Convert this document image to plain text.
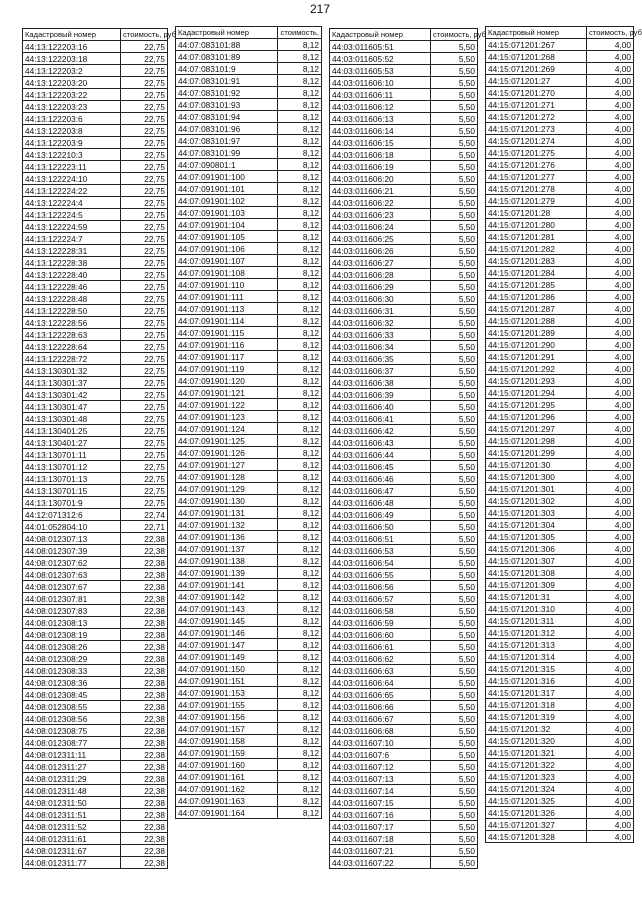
217
Кадастровый номер	стоимость, руб
44:13:122203:16	22,75
44:13:122203:18	22,75
44:13:122203:2	22,75
44:13:122203:20	22,75
44:13:122203:22	22,75
44:13:122203:23	22,75
44:13:122203:6	22,75
44:13:122203:8	22,75
44:13:122203:9	22,75
44:13:122210:3	22,75
44:13:122223:11	22,75
44:13:122224:10	22,75
44:13:122224:22	22,75
44:13:122224:4	22,75
44:13:122224:5	22,75
44:13:122224:59	22,75
44:13:122224:7	22,75
44:13:122228:31	22,75
44:13:122228:38	22,75
44:13:122228:40	22,75
44:13:122228:46	22,75
44:13:122228:48	22,75
44:13:122228:50	22,75
44:13:122228:56	22,75
44:13:122228:63	22,75
44:13:122228:64	22,75
44:13:122228:72	22,75
44:13:130301:32	22,75
44:13:130301:37	22,75
44:13:130301:42	22,75
44:13:130301:47	22,75
44:13:130301:48	22,75
44:13:130401:25	22,75
44:13:130401:27	22,75
44:13:130701:11	22,75
44:13:130701:12	22,75
44:13:130701:13	22,75
44:13:130701:15	22,75
44:13:130701:9	22,75
44:12:071312:6	22,74
44:01:052804:10	22,71
44:08:012307:13	22,38
44:08:012307:39	22,38
44:08:012307:62	22,38
44:08:012307:63	22,38
44:08:012307:67	22,38
44:08:012307:81	22,38
44:08:012307:83	22,38
44:08:012308:13	22,38
44:08:012308:19	22,38
44:08:012308:26	22,38
44:08:012308:29	22,38
44:08:012308:33	22,38
44:08:012308:36	22,38
44:08:012308:45	22,38
44:08:012308:55	22,38
44:08:012308:56	22,38
44:08:012308:75	22,38
44:08:012308:77	22,38
44:08:012311:11	22,38
44:08:012311:27	22,38
44:08:012311:29	22,38
44:08:012311:48	22,38
44:08:012311:50	22,38
44:08:012311:51	22,38
44:08:012311:52	22,38
44:08:012311:61	22,38
44:08:012311:67	22,38
44:08:012311:77	22,38
Кадастровый номер	стоимость,
44:07:083101:88	8,12
44:07:083101:89	8,12
44:07:083101:9	8,12
44:07:083101:91	8,12
44:07:083101:92	8,12
44:07:083101:93	8,12
44:07:083101:94	8,12
44:07:083101:96	8,12
44:07:083101:97	8,12
44:07:083101:99	8,12
44:07:090801:1	8,12
44:07:091901:100	8,12
44:07:091901:101	8,12
44:07:091901:102	8,12
44:07:091901:103	8,12
44:07:091901:104	8,12
44:07:091901:105	8,12
44:07:091901:106	8,12
44:07:091901:107	8,12
44:07:091901:108	8,12
44:07:091901:110	8,12
44:07:091901:111	8,12
44:07:091901:113	8,12
44:07:091901:114	8,12
44:07:091901:115	8,12
44:07:091901:116	8,12
44:07:091901:117	8,12
44:07:091901:119	8,12
44:07:091901:120	8,12
44:07:091901:121	8,12
44:07:091901:122	8,12
44:07:091901:123	8,12
44:07:091901:124	8,12
44:07:091901:125	8,12
44:07:091901:126	8,12
44:07:091901:127	8,12
44:07:091901:128	8,12
44:07:091901:129	8,12
44:07:091901:130	8,12
44:07:091901:131	8,12
44:07:091901:132	8,12
44:07:091901:136	8,12
44:07:091901:137	8,12
44:07:091901:138	8,12
44:07:091901:139	8,12
44:07:091901:141	8,12
44:07:091901:142	8,12
44:07:091901:143	8,12
44:07:091901:145	8,12
44:07:091901:146	8,12
44:07:091901:147	8,12
44:07:091901:149	8,12
44:07:091901:150	8,12
44:07:091901:151	8,12
44:07:091901:153	8,12
44:07:091901:155	8,12
44:07:091901:156	8,12
44:07:091901:157	8,12
44:07:091901:158	8,12
44:07:091901:159	8,12
44:07:091901:160	8,12
44:07:091901:161	8,12
44:07:091901:162	8,12
44:07:091901:163	8,12
44:07:091901:164	8,12
Кадастровый номер	стоимость, руб
44:03:011605:51	5,50
44:03:011605:52	5,50
44:03:011605:53	5,50
44:03:011606:10	5,50
44:03:011606:11	5,50
44:03:011606:12	5,50
44:03:011606:13	5,50
44:03:011606:14	5,50
44:03:011606:15	5,50
44:03:011606:18	5,50
44:03:011606:19	5,50
44:03:011606:20	5,50
44:03:011606:21	5,50
44:03:011606:22	5,50
44:03:011606:23	5,50
44:03:011606:24	5,50
44:03:011606:25	5,50
44:03:011606:26	5,50
44:03:011606:27	5,50
44:03:011606:28	5,50
44:03:011606:29	5,50
44:03:011606:30	5,50
44:03:011606:31	5,50
44:03:011606:32	5,50
44:03:011606:33	5,50
44:03:011606:34	5,50
44:03:011606:35	5,50
44:03:011606:37	5,50
44:03:011606:38	5,50
44:03:011606:39	5,50
44:03:011606:40	5,50
44:03:011606:41	5,50
44:03:011606:42	5,50
44:03:011606:43	5,50
44:03:011606:44	5,50
44:03:011606:45	5,50
44:03:011606:46	5,50
44:03:011606:47	5,50
44:03:011606:48	5,50
44:03:011606:49	5,50
44:03:011606:50	5,50
44:03:011606:51	5,50
44:03:011606:53	5,50
44:03:011606:54	5,50
44:03:011606:55	5,50
44:03:011606:56	5,50
44:03:011606:57	5,50
44:03:011606:58	5,50
44:03:011606:59	5,50
44:03:011606:60	5,50
44:03:011606:61	5,50
44:03:011606:62	5,50
44:03:011606:63	5,50
44:03:011606:64	5,50
44:03:011606:65	5,50
44:03:011606:66	5,50
44:03:011606:67	5,50
44:03:011606:68	5,50
44:03:011607:10	5,50
44:03:011607:6	5,50
44:03:011607:12	5,50
44:03:011607:13	5,50
44:03:011607:14	5,50
44:03:011607:15	5,50
44:03:011607:16	5,50
44:03:011607:17	5,50
44:03:011607:18	5,50
44:03:011607:21	5,50
44:03:011607:22	5,50
Кадастровый номер	стоимость, руб
44:15:071201:267	4,00
44:15:071201:268	4,00
44:15:071201:269	4,00
44:15:071201:27	4,00
44:15:071201:270	4,00
44:15:071201:271	4,00
44:15:071201:272	4,00
44:15:071201:273	4,00
44:15:071201:274	4,00
44:15:071201:275	4,00
44:15:071201:276	4,00
44:15:071201:277	4,00
44:15:071201:278	4,00
44:15:071201:279	4,00
44:15:071201:28	4,00
44:15:071201:280	4,00
44:15:071201:281	4,00
44:15:071201:282	4,00
44:15:071201:283	4,00
44:15:071201:284	4,00
44:15:071201:285	4,00
44:15:071201:286	4,00
44:15:071201:287	4,00
44:15:071201:288	4,00
44:15:071201:289	4,00
44:15:071201:290	4,00
44:15:071201:291	4,00
44:15:071201:292	4,00
44:15:071201:293	4,00
44:15:071201:294	4,00
44:15:071201:295	4,00
44:15:071201:296	4,00
44:15:071201:297	4,00
44:15:071201:298	4,00
44:15:071201:299	4,00
44:15:071201:30	4,00
44:15:071201:300	4,00
44:15:071201:301	4,00
44:15:071201:302	4,00
44:15:071201:303	4,00
44:15:071201:304	4,00
44:15:071201:305	4,00
44:15:071201:306	4,00
44:15:071201:307	4,00
44:15:071201:308	4,00
44:15:071201:309	4,00
44:15:071201:31	4,00
44:15:071201:310	4,00
44:15:071201:311	4,00
44:15:071201:312	4,00
44:15:071201:313	4,00
44:15:071201:314	4,00
44:15:071201:315	4,00
44:15:071201:316	4,00
44:15:071201:317	4,00
44:15:071201:318	4,00
44:15:071201:319	4,00
44:15:071201:32	4,00
44:15:071201:320	4,00
44:15:071201:321	4,00
44:15:071201:322	4,00
44:15:071201:323	4,00
44:15:071201:324	4,00
44:15:071201:325	4,00
44:15:071201:326	4,00
44:15:071201:327	4,00
44:15:071201:328	4,00
